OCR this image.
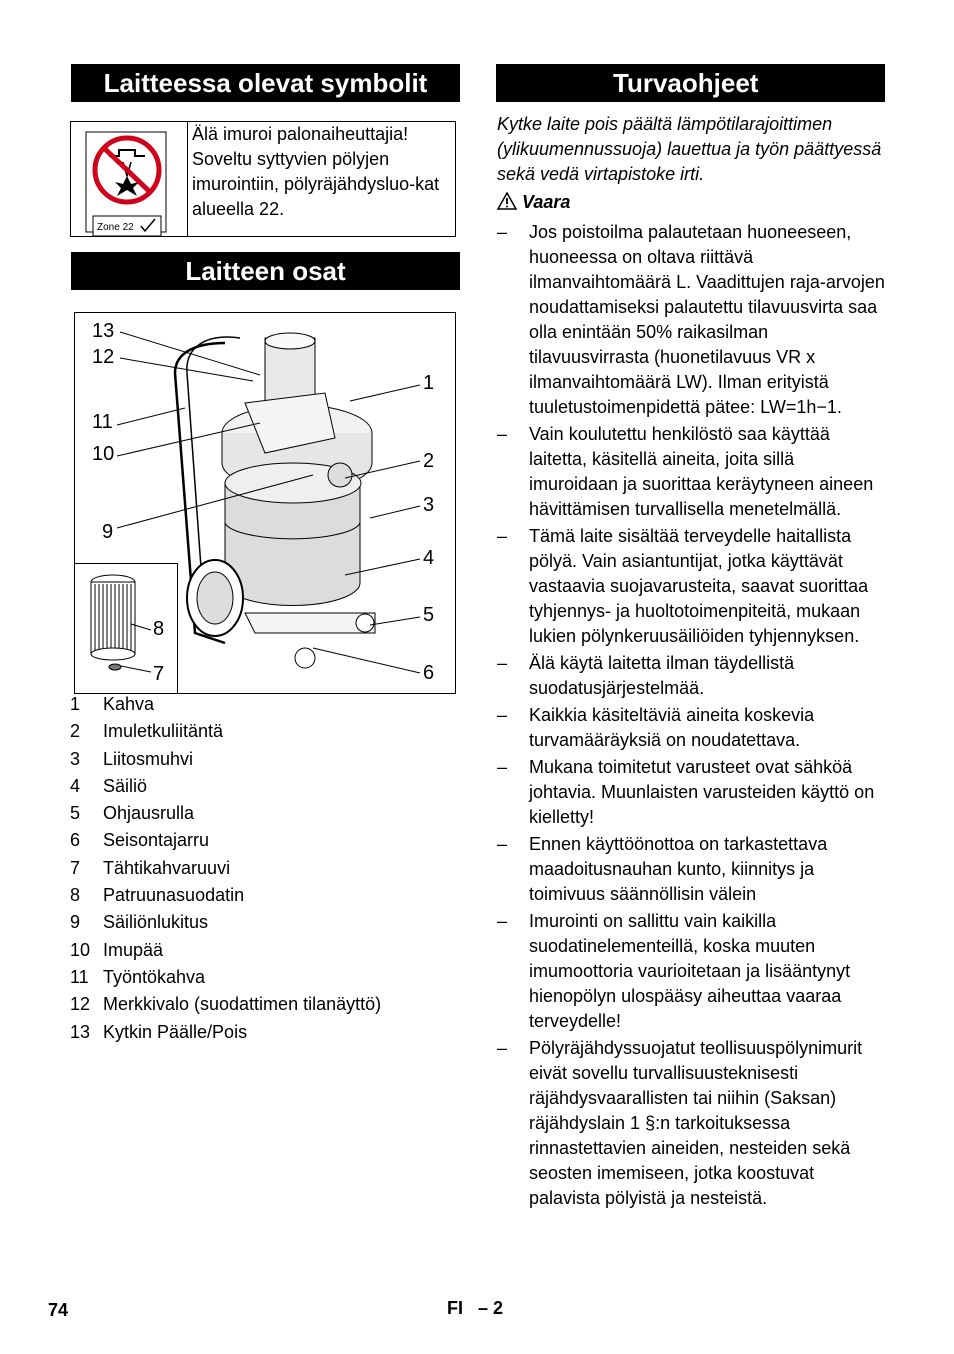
Laitteessa olevat symbolit
Zone 22
Älä imuroi palonaiheuttajia! Soveltu syttyvien pölyjen imurointiin, pölyräjähdysluo-kat alueella 22.
Laitteen osat
13
12
11
10
9
1
2
3
4
5
6
8
7
1 Kahva
2 Imuletkuliitäntä
3 Liitosmuhvi
4 Säiliö
5 Ohjausrulla
6 Seisontajarru
7 Tähtikahvaruuvi
8 Patruunasuodatin
9 Säiliönlukitus
10 Imupää
11 Työntökahva
12 Merkkivalo (suodattimen tilanäyttö)
13 Kytkin Päälle/Pois
Turvaohjeet
Kytke laite pois päältä lämpötilarajoittimen (ylikuumennussuoja) lauettua ja työn päättyessä sekä vedä virtapistoke irti.
Vaara
– Jos poistoilma palautetaan huoneeseen, huoneessa on oltava riittävä ilmanvaihtomäärä L. Vaadittujen raja-arvojen noudattamiseksi palautettu tilavuusvirta saa olla enintään 50% raikasilman tilavuusvirrasta (huonetilavuus VR x ilmanvaihtomäärä LW). Ilman erityistä tuuletustoimenpidettä pätee: LW=1h−1.
– Vain koulutettu henkilöstö saa käyttää laitetta, käsitellä aineita, joita sillä imuroidaan ja suorittaa keräytyneen aineen hävittämisen turvallisella menetelmällä.
– Tämä laite sisältää terveydelle haitallista pölyä. Vain asiantuntijat, jotka käyttävät vastaavia suojavarusteita, saavat suorittaa tyhjennys- ja huoltotoimenpiteitä, mukaan lukien pölynkeruusäiliöiden tyhjennyksen.
– Älä käytä laitetta ilman täydellistä suodatusjärjestelmää.
– Kaikkia käsiteltäviä aineita koskevia turvamääräyksiä on noudatettava.
– Mukana toimitetut varusteet ovat sähköä johtavia. Muunlaisten varusteiden käyttö on kielletty!
– Ennen käyttöönottoa on tarkastettava maadoitusnauhan kunto, kiinnitys ja toimivuus säännöllisin välein
– Imurointi on sallittu vain kaikilla suodatinelementeillä, koska muuten imumoottoria vaurioitetaan ja lisääntynyt hienopölyn ulospääsy aiheuttaa vaaraa terveydelle!
– Pölyräjähdyssuojatut teollisuuspölynimurit eivät sovellu turvallisuusteknisesti räjähdysvaarallisten tai niihin (Saksan) räjähdyslain 1 §:n tarkoituksessa rinnastettavien aineiden, nesteiden sekä seosten imemiseen, jotka koostuvat palavista pölyistä ja nesteistä.
74	FI – 2
